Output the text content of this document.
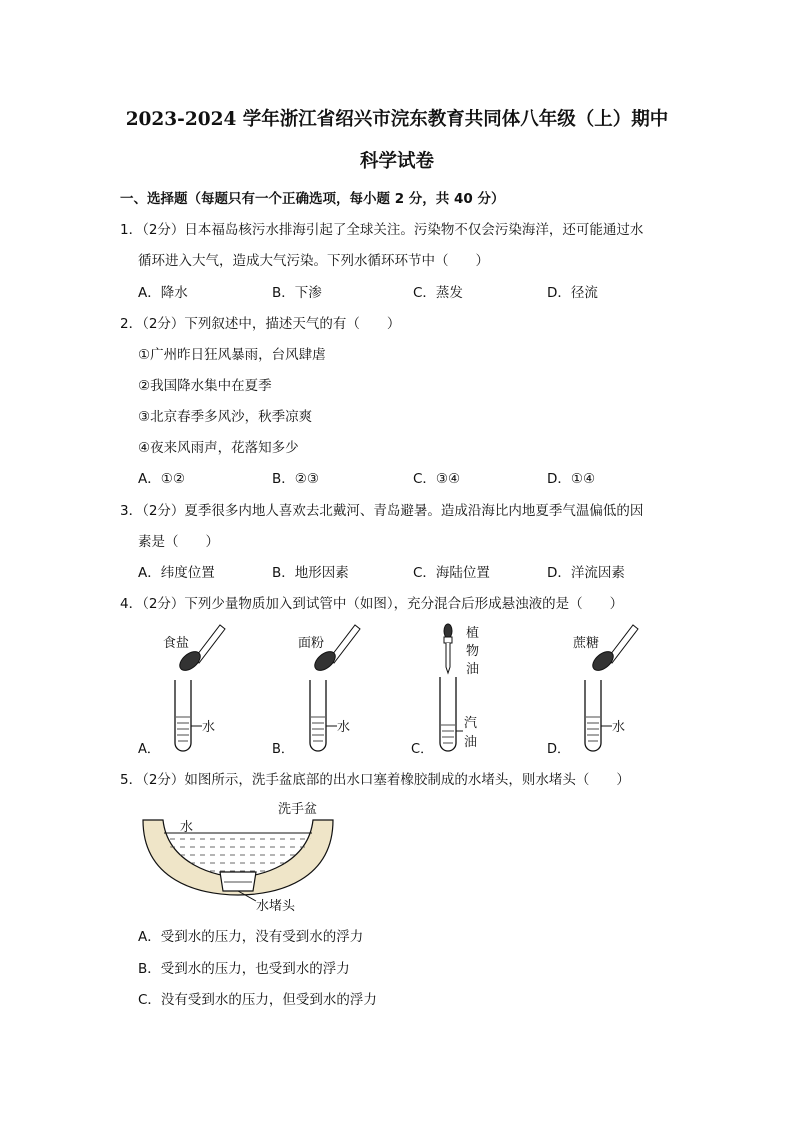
2023-2024 学年浙江省绍兴市浣东教育共同体八年级（上）期中
科学试卷
一、选择题（每题只有一个正确选项，每小题 2 分，共 40 分）
1．（2分）日本福岛核污水排海引起了全球关注。污染物不仅会污染海洋，还可能通过水
循环进入大气，造成大气污染。下列水循环环节中（　　）
A．降水	B．下渗	C．蒸发	D．径流
2．（2分）下列叙述中，描述天气的有（　　）
①广州昨日狂风暴雨，台风肆虐
②我国降水集中在夏季
③北京春季多风沙，秋季凉爽
④夜来风雨声，花落知多少
A．①②	B．②③	C．③④	D．①④
3．（2分）夏季很多内地人喜欢去北戴河、青岛避暑。造成沿海比内地夏季气温偏低的因
素是（　　）
A．纬度位置	B．地形因素	C．海陆位置	D．洋流因素
4．（2分）下列少量物质加入到试管中（如图），充分混合后形成悬浊液的是（　　）
食盐
水
A．
面粉
水
B．
植
物
油
汽
油
C．
蔗糖
水
D．
5．（2分）如图所示，洗手盆底部的出水口塞着橡胶制成的水堵头，则水堵头（　　）
洗手盆
水
水堵头
A．受到水的压力，没有受到水的浮力
B．受到水的压力，也受到水的浮力
C．没有受到水的压力，但受到水的浮力
